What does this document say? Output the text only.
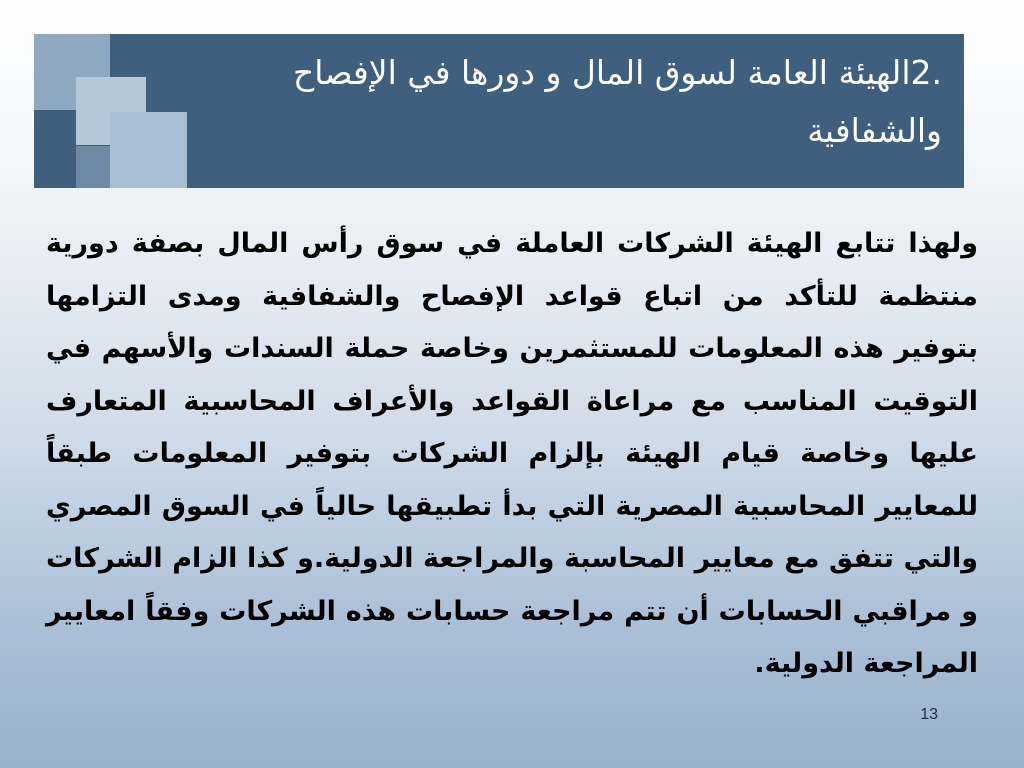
.2الهيئة العامة لسوق المال و دورها في الإفصاح والشفافية

ولهذا تتابع الهيئة الشركات العاملة في سوق رأس المال بصفة دورية منتظمة للتأكد من اتباع قواعد الإفصاح والشفافية ومدى التزامها بتوفير هذه المعلومات للمستثمرين وخاصة حملة السندات والأسهم في التوقيت المناسب مع مراعاة القواعد والأعراف المحاسبية المتعارف عليها وخاصة قيام الهيئة بإلزام الشركات بتوفير المعلومات طبقاً للمعايير المحاسبية المصرية التي بدأ تطبيقها حالياً في السوق المصري والتي تتفق مع معايير المحاسبة والمراجعة الدولية.و كذا الزام الشركات و مراقبي الحسابات أن تتم مراجعة حسابات هذه الشركات وفقاً امعايير المراجعة الدولية.

13
